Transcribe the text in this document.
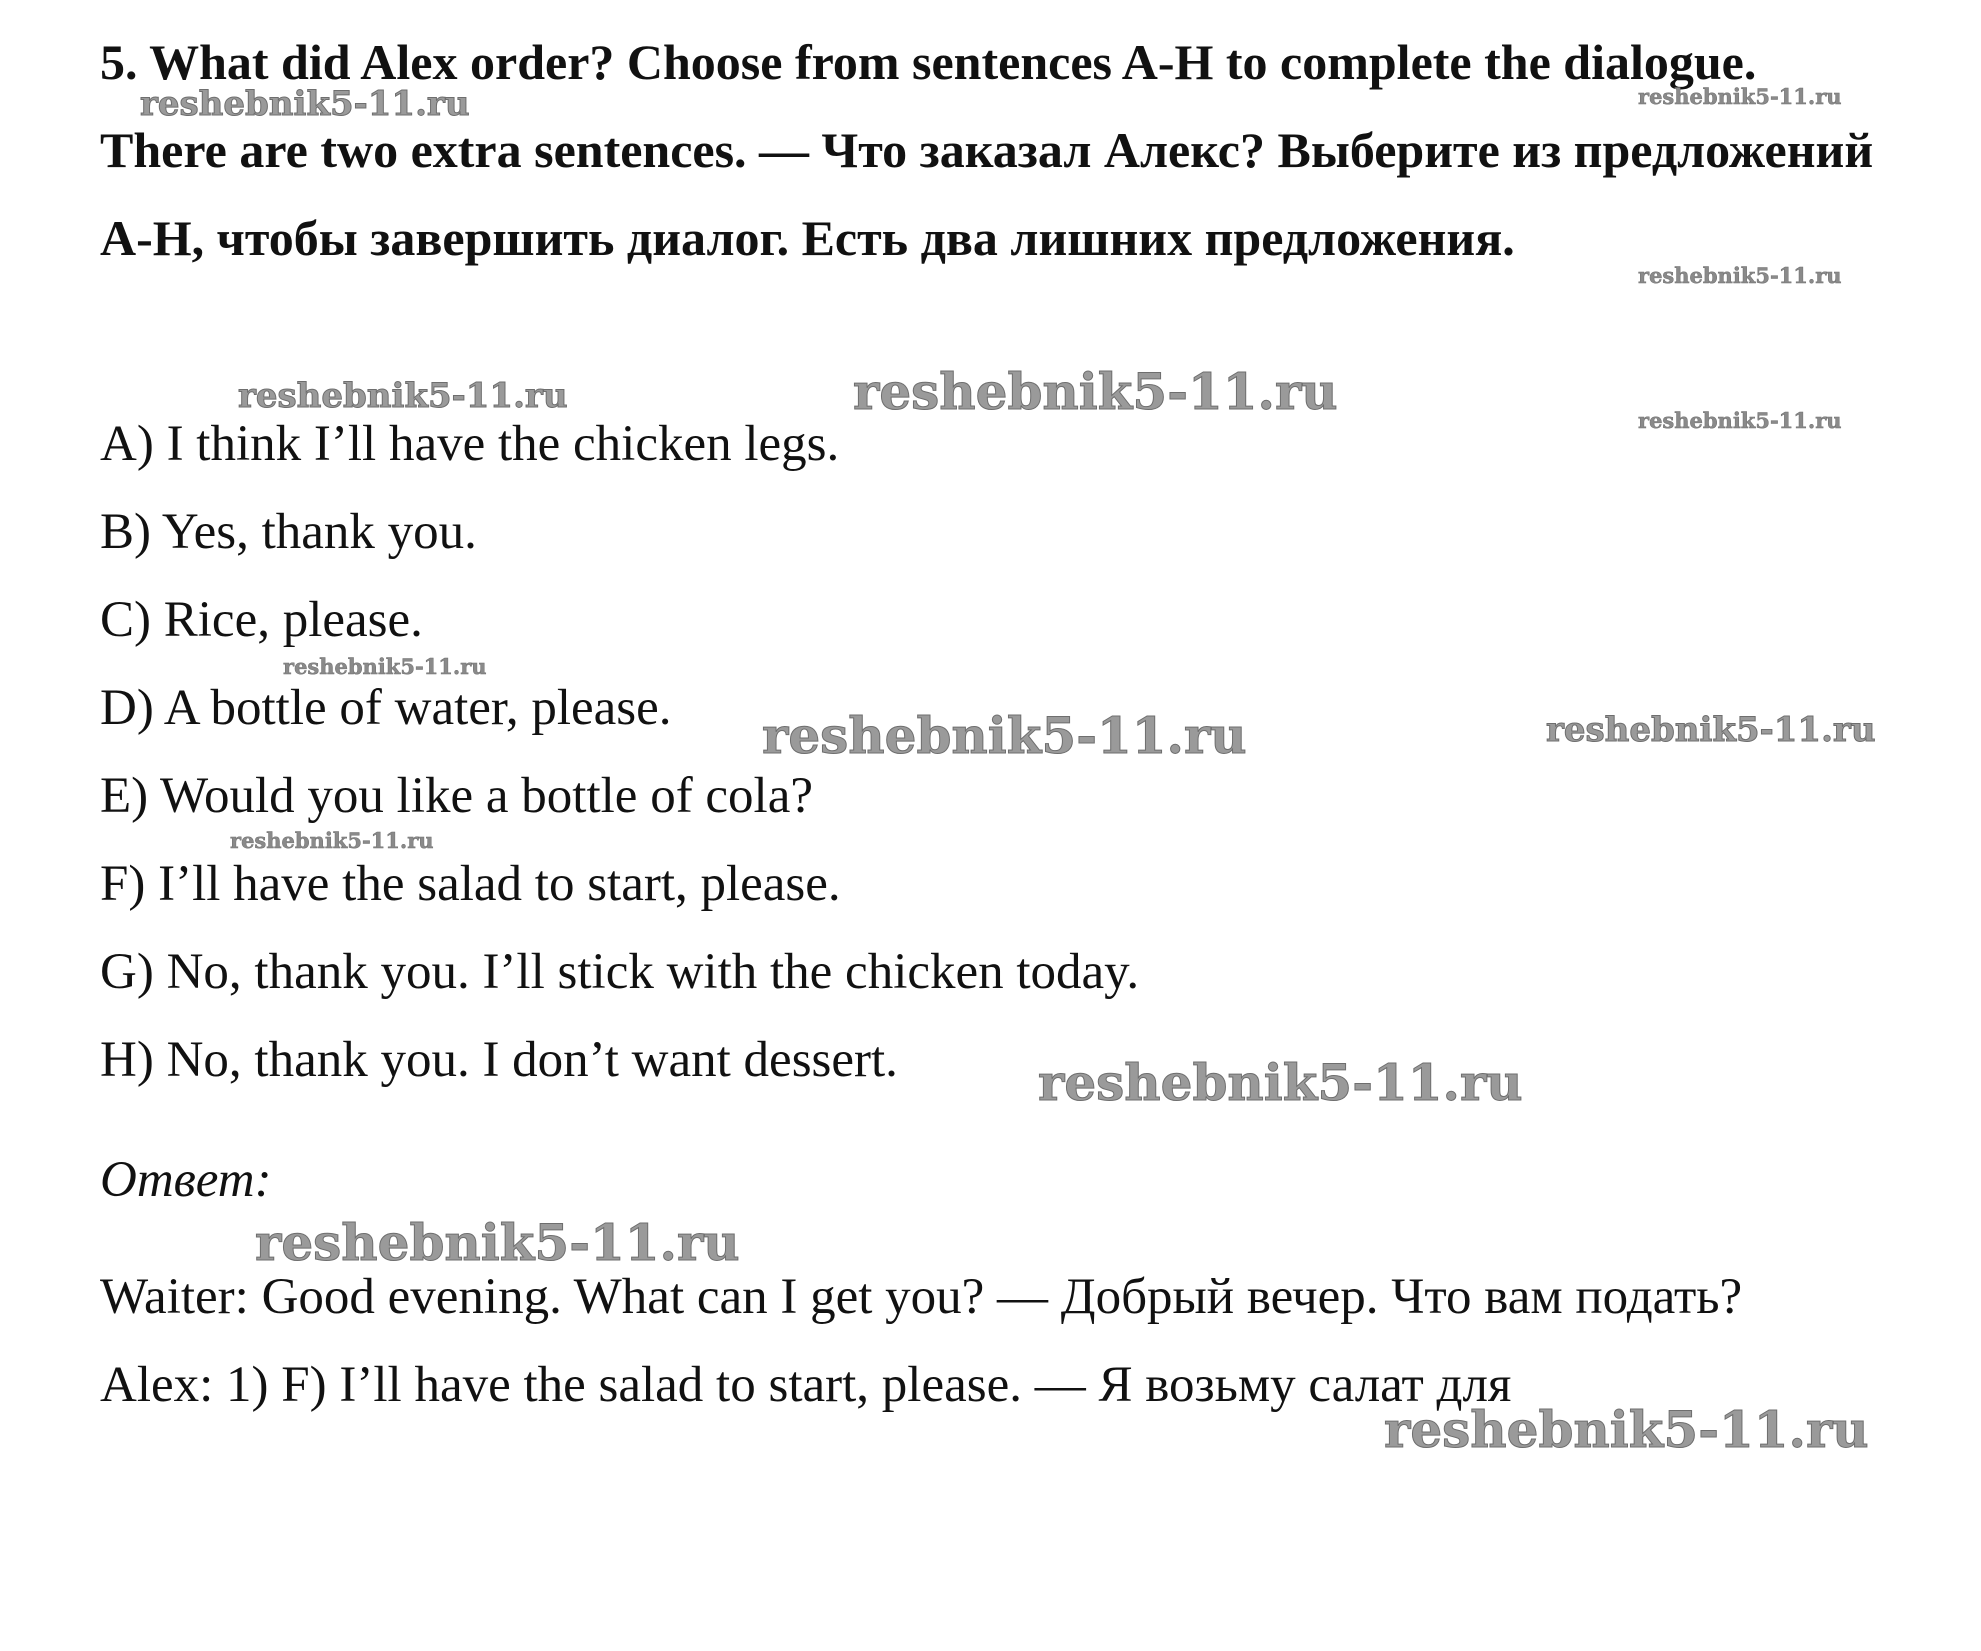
5. What did Alex order? Choose from sentences A-H to complete the dialogue. There are two extra sentences. — Что заказал Алекс? Выберите из предложений A-H, чтобы завершить диалог. Есть два лишних предложения.
A) I think I’ll have the chicken legs.
B) Yes, thank you.
C) Rice, please.
D) A bottle of water, please.
E) Would you like a bottle of cola?
F) I’ll have the salad to start, please.
G) No, thank you. I’ll stick with the chicken today.
H) No, thank you. I don’t want dessert.

Ответ:

Waiter: Good evening. What can I get you? — Добрый вечер. Что вам подать?
Alex: 1) F) I’ll have the salad to start, please. — Я возьму салат для
reshebnik5-11.ru	reshebnik5-11.ru
reshebnik5-11.ru
reshebnik5-11.ru	reshebnik5-11.ru	reshebnik5-11.ru
reshebnik5-11.ru
reshebnik5-11.ru	reshebnik5-11.ru
reshebnik5-11.ru
reshebnik5-11.ru
reshebnik5-11.ru
reshebnik5-11.ru
